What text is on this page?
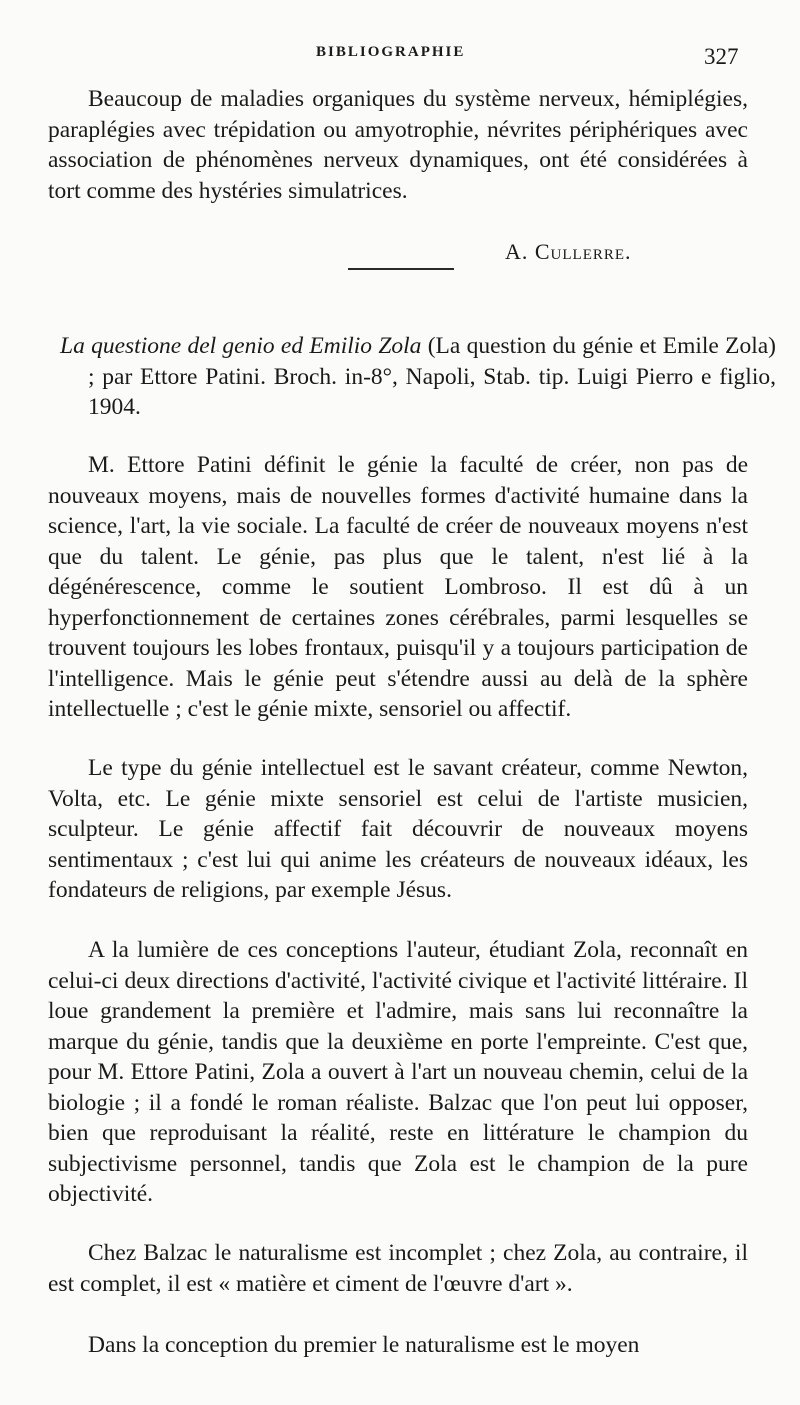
BIBLIOGRAPHIE	327

Beaucoup de maladies organiques du système nerveux, hémiplégies, paraplégies avec trépidation ou amyotrophie, névrites périphériques avec association de phénomènes nerveux dynamiques, ont été considérées à tort comme des hystéries simulatrices.

A. Cullerre.

La questione del genio ed Emilio Zola (La question du génie et Emile Zola) ; par Ettore Patini. Broch. in-8°, Napoli, Stab. tip. Luigi Pierro e figlio, 1904.

M. Ettore Patini définit le génie la faculté de créer, non pas de nouveaux moyens, mais de nouvelles formes d'activité humaine dans la science, l'art, la vie sociale. La faculté de créer de nouveaux moyens n'est que du talent. Le génie, pas plus que le talent, n'est lié à la dégénérescence, comme le soutient Lombroso. Il est dû à un hyperfonctionnement de certaines zones cérébrales, parmi lesquelles se trouvent toujours les lobes frontaux, puisqu'il y a toujours participation de l'intelligence. Mais le génie peut s'étendre aussi au delà de la sphère intellectuelle ; c'est le génie mixte, sensoriel ou affectif.

Le type du génie intellectuel est le savant créateur, comme Newton, Volta, etc. Le génie mixte sensoriel est celui de l'artiste musicien, sculpteur. Le génie affectif fait découvrir de nouveaux moyens sentimentaux ; c'est lui qui anime les créateurs de nouveaux idéaux, les fondateurs de religions, par exemple Jésus.

A la lumière de ces conceptions l'auteur, étudiant Zola, reconnaît en celui-ci deux directions d'activité, l'activité civique et l'activité littéraire. Il loue grandement la première et l'admire, mais sans lui reconnaître la marque du génie, tandis que la deuxième en porte l'empreinte. C'est que, pour M. Ettore Patini, Zola a ouvert à l'art un nouveau chemin, celui de la biologie ; il a fondé le roman réaliste. Balzac que l'on peut lui opposer, bien que reproduisant la réalité, reste en littérature le champion du subjectivisme personnel, tandis que Zola est le champion de la pure objectivité.

Chez Balzac le naturalisme est incomplet ; chez Zola, au contraire, il est complet, il est « matière et ciment de l'œuvre d'art ».

Dans la conception du premier le naturalisme est le moyen
